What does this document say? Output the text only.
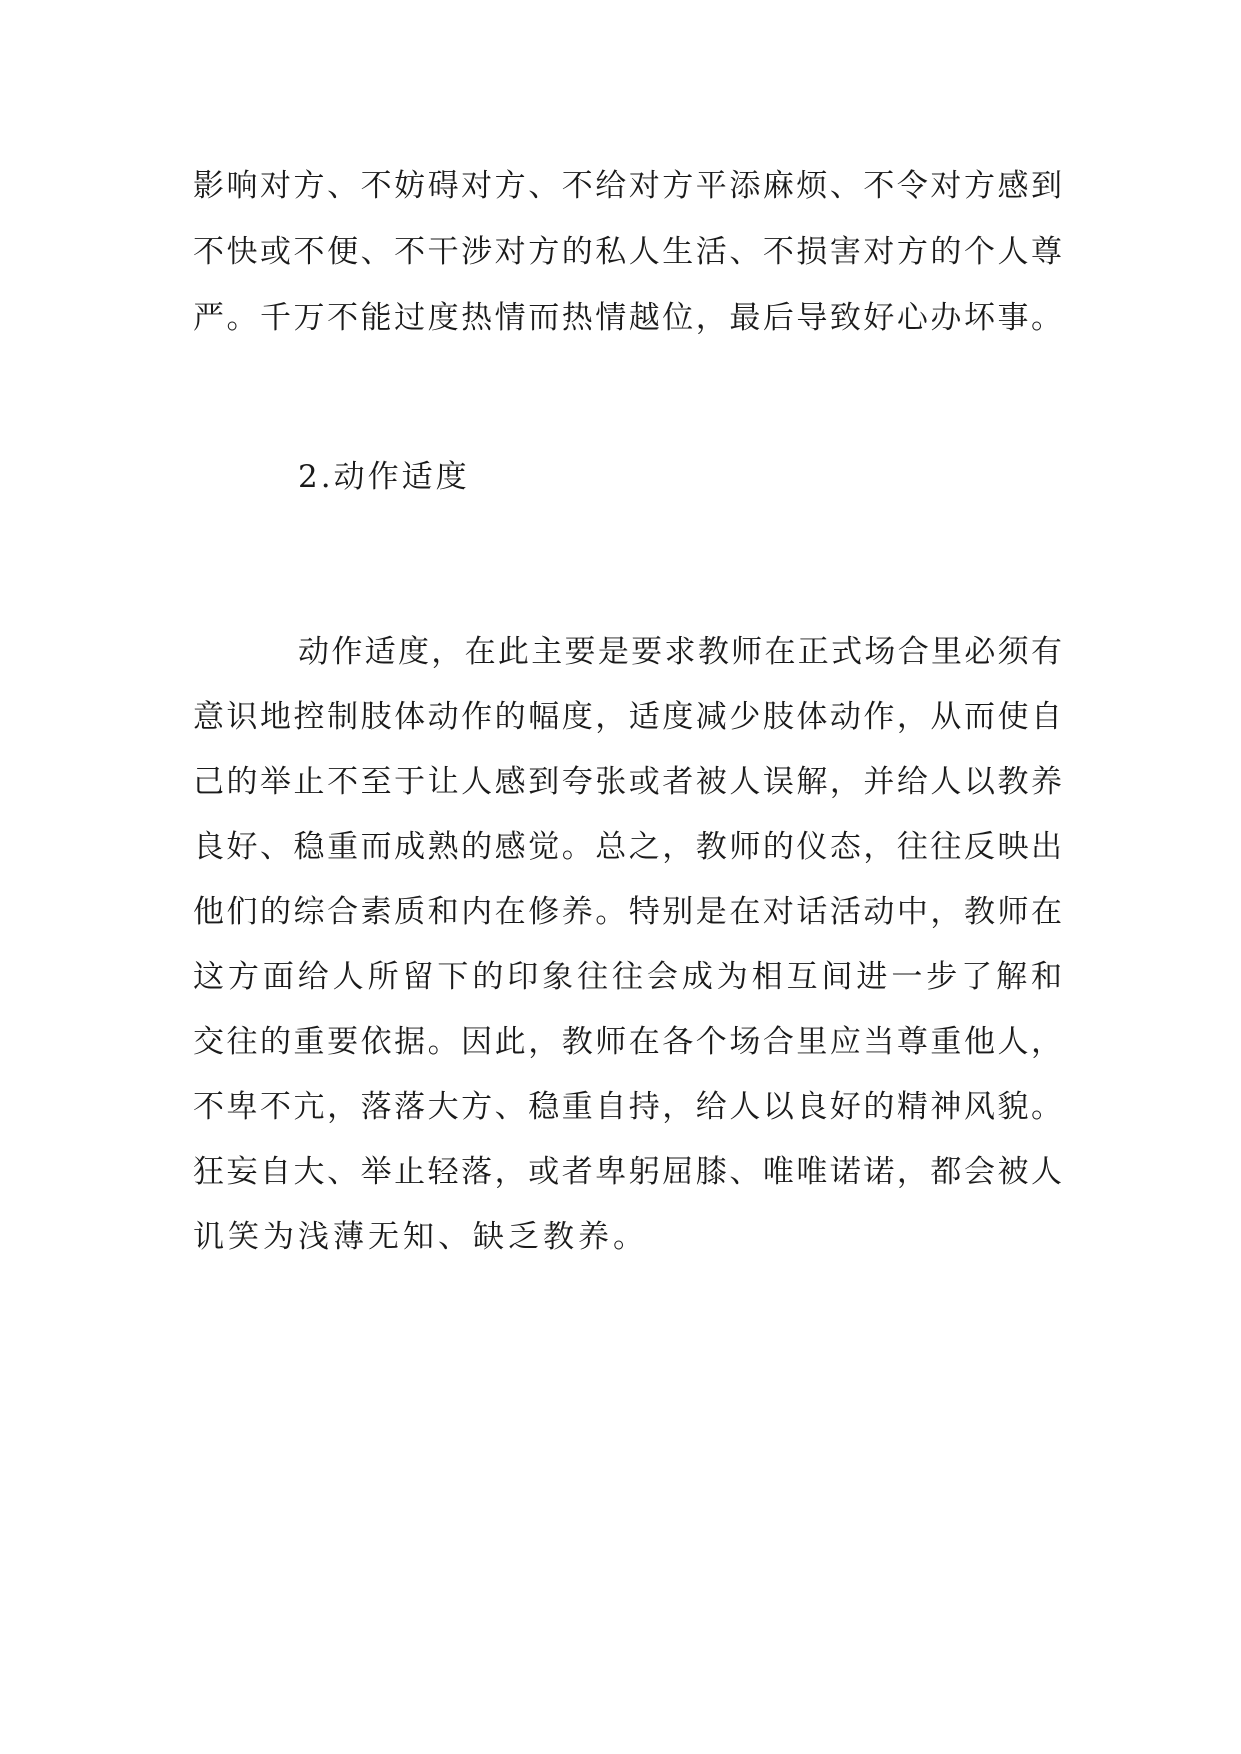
影响对方、不妨碍对方、不给对方平添麻烦、不令对方感到
不快或不便、不干涉对方的私人生活、不损害对方的个人尊
严。千万不能过度热情而热情越位，最后导致好心办坏事。
2.动作适度
动作适度，在此主要是要求教师在正式场合里必须有
意识地控制肢体动作的幅度，适度减少肢体动作，从而使自
己的举止不至于让人感到夸张或者被人误解，并给人以教养
良好、稳重而成熟的感觉。总之，教师的仪态，往往反映出
他们的综合素质和内在修养。特别是在对话活动中，教师在
这方面给人所留下的印象往往会成为相互间进一步了解和
交往的重要依据。因此，教师在各个场合里应当尊重他人，
不卑不亢，落落大方、稳重自持，给人以良好的精神风貌。
狂妄自大、举止轻落，或者卑躬屈膝、唯唯诺诺，都会被人
讥笑为浅薄无知、缺乏教养。
